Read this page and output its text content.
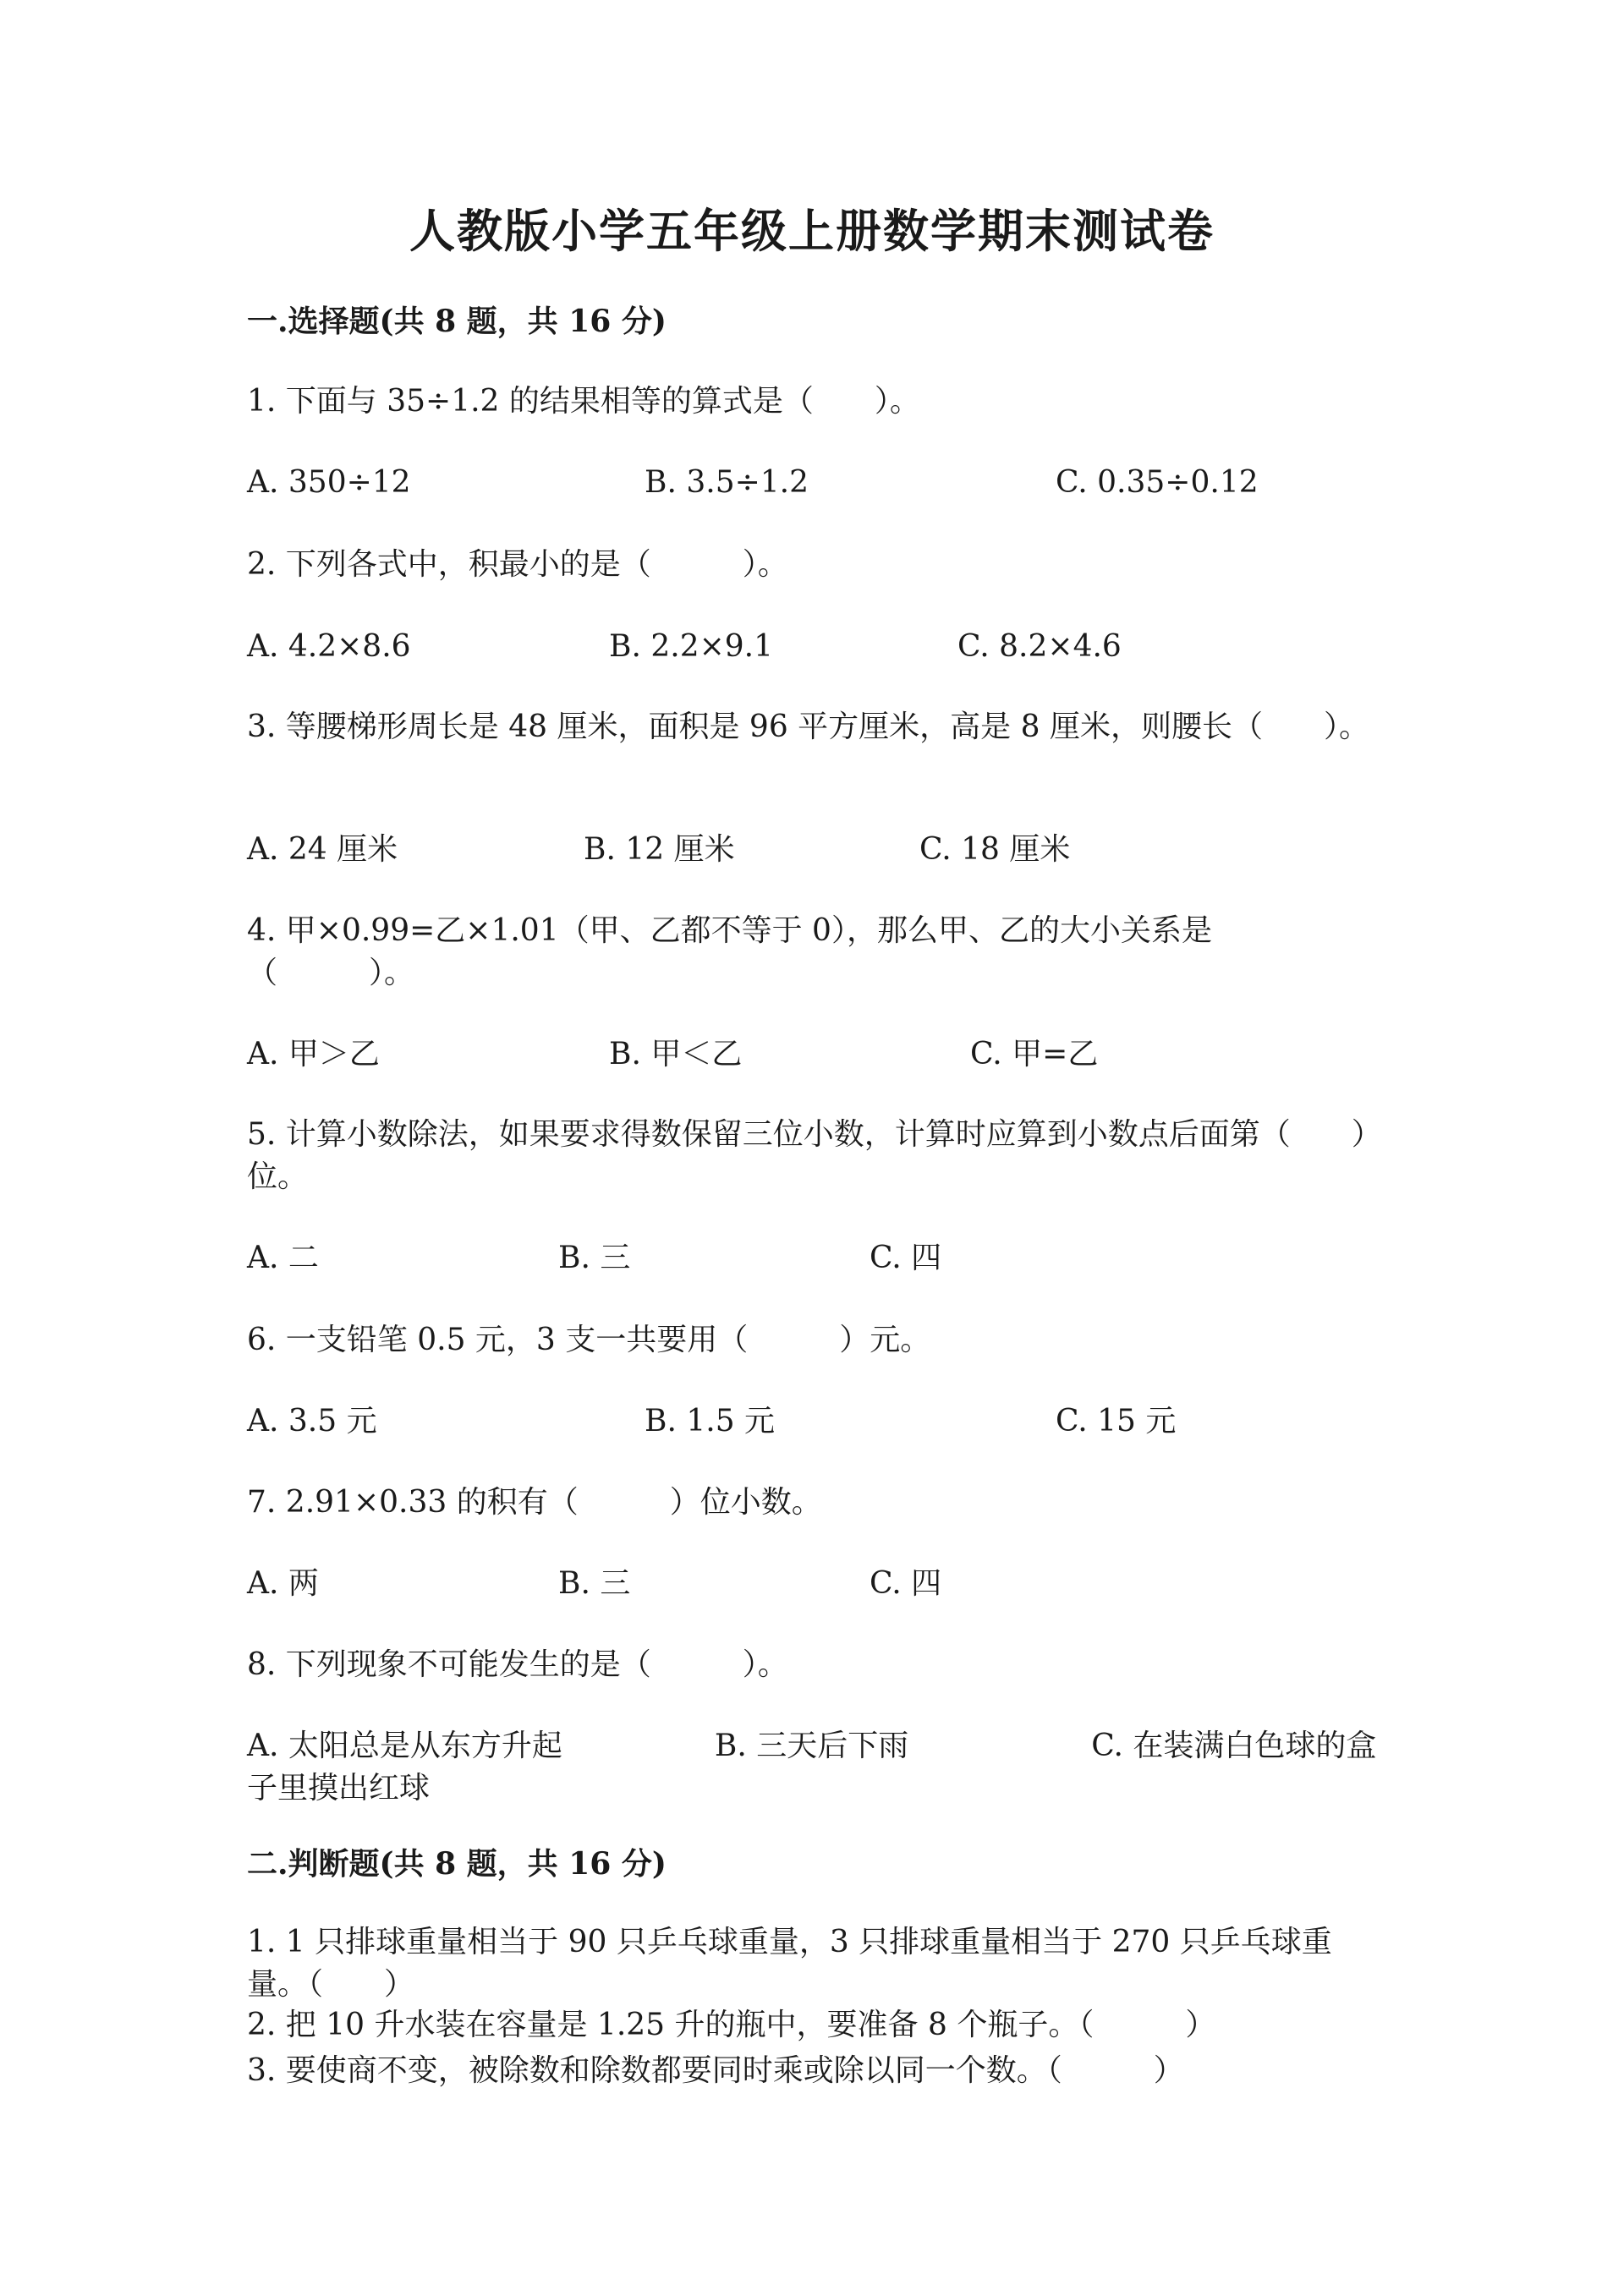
人教版小学五年级上册数学期末测试卷
一.选择题(共 8 题，共 16 分)
1. 下面与 35÷1.2 的结果相等的算式是（　　）。
A. 350÷12	B. 3.5÷1.2	C. 0.35÷0.12
2. 下列各式中，积最小的是（　　　）。
A. 4.2×8.6	B. 2.2×9.1	C. 8.2×4.6
3. 等腰梯形周长是 48 厘米，面积是 96 平方厘米，高是 8 厘米，则腰长（　　）。
A. 24 厘米	B. 12 厘米	C. 18 厘米
4. 甲×0.99=乙×1.01（甲、乙都不等于 0），那么甲、乙的大小关系是（　　　）。
A. 甲＞乙	B. 甲＜乙	C. 甲=乙
5. 计算小数除法，如果要求得数保留三位小数，计算时应算到小数点后面第（　　）位。
A. 二	B. 三	C. 四
6. 一支铅笔 0.5 元，3 支一共要用（　　　）元。
A. 3.5 元	B. 1.5 元	C. 15 元
7. 2.91×0.33 的积有（　　　）位小数。
A. 两	B. 三	C. 四
8. 下列现象不可能发生的是（　　　）。
A. 太阳总是从东方升起　　　　　B. 三天后下雨　　　　　　C. 在装满白色球的盒子里摸出红球
二.判断题(共 8 题，共 16 分)
1. 1 只排球重量相当于 90 只乒乓球重量，3 只排球重量相当于 270 只乒乓球重量。（　　）
2. 把 10 升水装在容量是 1.25 升的瓶中，要准备 8 个瓶子。（　　　）
3. 要使商不变，被除数和除数都要同时乘或除以同一个数。（　　　）
